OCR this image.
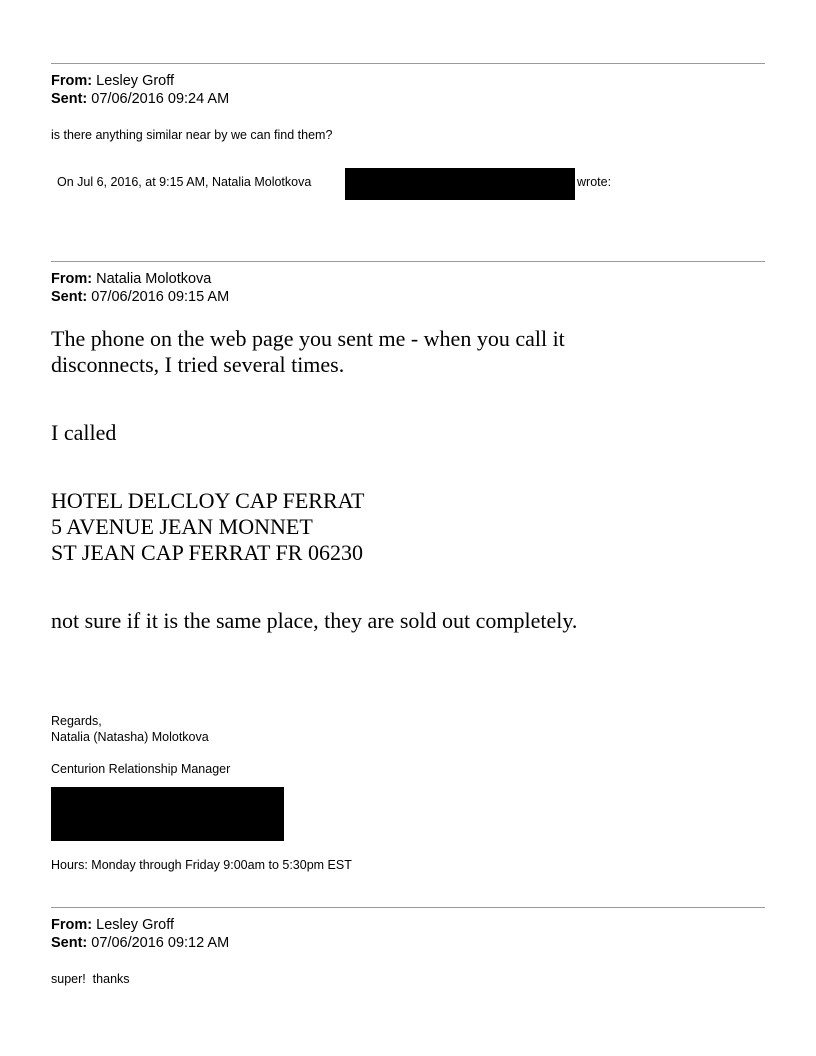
From: Lesley Groff
Sent: 07/06/2016 09:24 AM
is there anything similar near by we can find them?
On Jul 6, 2016, at 9:15 AM, Natalia Molotkova	wrote:
From: Natalia Molotkova
Sent: 07/06/2016 09:15 AM
The phone on the web page you sent me - when you call it
disconnects, I tried several times.
I called
HOTEL DELCLOY CAP FERRAT
5 AVENUE JEAN MONNET
ST JEAN CAP FERRAT FR 06230
not sure if it is the same place, they are sold out completely.
Regards,
Natalia (Natasha) Molotkova
Centurion Relationship Manager
Hours: Monday through Friday 9:00am to 5:30pm EST
From: Lesley Groff
Sent: 07/06/2016 09:12 AM
super!  thanks
